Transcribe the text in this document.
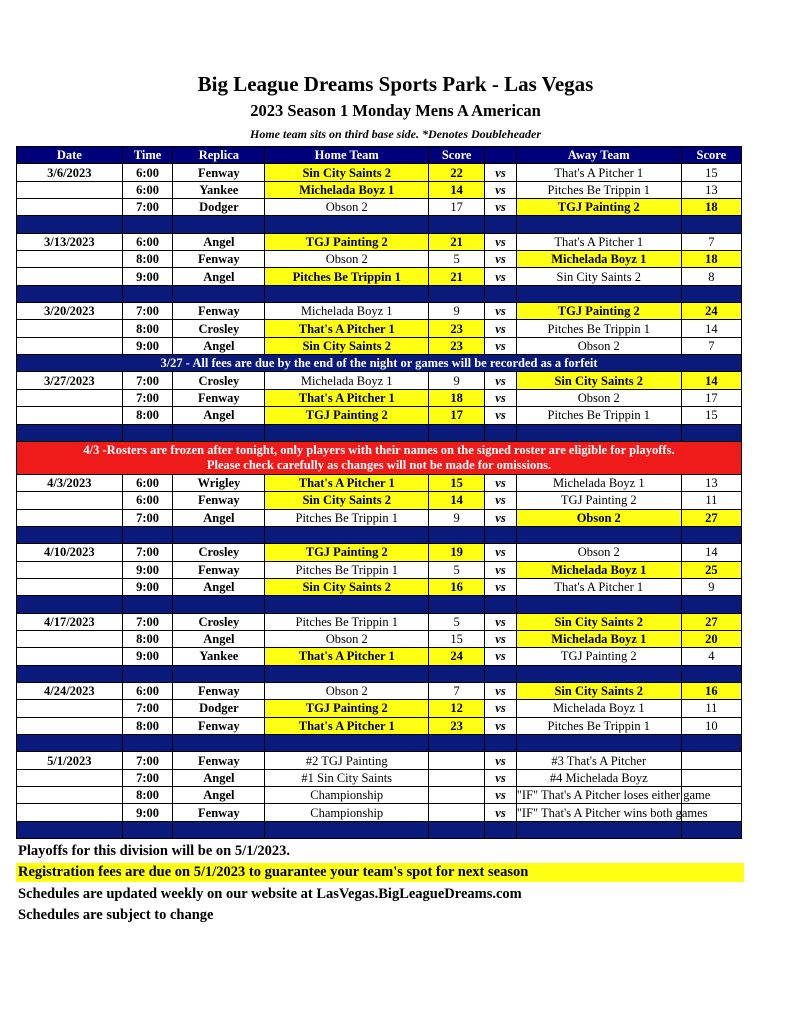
Big League Dreams Sports Park - Las Vegas
2023 Season 1 Monday Mens A American
Home team sits on third base side. *Denotes Doubleheader
Date	Time	Replica	Home Team	Score		Away Team	Score
3/6/2023	6:00	Fenway	Sin City Saints 2	22	vs	That's A Pitcher 1	15
	6:00	Yankee	Michelada Boyz 1	14	vs	Pitches Be Trippin 1	13
	7:00	Dodger	Obson 2	17	vs	TGJ Painting 2	18

3/13/2023	6:00	Angel	TGJ Painting 2	21	vs	That's A Pitcher 1	7
	8:00	Fenway	Obson 2	5	vs	Michelada Boyz 1	18
	9:00	Angel	Pitches Be Trippin 1	21	vs	Sin City Saints 2	8

3/20/2023	7:00	Fenway	Michelada Boyz 1	9	vs	TGJ Painting 2	24
	8:00	Crosley	That's A Pitcher 1	23	vs	Pitches Be Trippin 1	14
	9:00	Angel	Sin City Saints 2	23	vs	Obson 2	7

3/27 - All fees are due by the end of the night or games will be recorded as a forfeit							

3/27/2023	7:00	Crosley	Michelada Boyz 1	9	vs	Sin City Saints 2	14
	7:00	Fenway	That's A Pitcher 1	18	vs	Obson 2	17
	8:00	Angel	TGJ Painting 2	17	vs	Pitches Be Trippin 1	15

4/3 -Rosters are frozen after tonight, only players with their names on the signed roster are eligible for playoffs.
Please check carefully as changes will not be made for omissions.							

4/3/2023	6:00	Wrigley	That's A Pitcher 1	15	vs	Michelada Boyz 1	13
	6:00	Fenway	Sin City Saints 2	14	vs	TGJ Painting 2	11
	7:00	Angel	Pitches Be Trippin 1	9	vs	Obson 2	27

4/10/2023	7:00	Crosley	TGJ Painting 2	19	vs	Obson 2	14
	9:00	Fenway	Pitches Be Trippin 1	5	vs	Michelada Boyz 1	25
	9:00	Angel	Sin City Saints 2	16	vs	That's A Pitcher 1	9

4/17/2023	7:00	Crosley	Pitches Be Trippin 1	5	vs	Sin City Saints 2	27
	8:00	Angel	Obson 2	15	vs	Michelada Boyz 1	20
	9:00	Yankee	That's A Pitcher 1	24	vs	TGJ Painting 2	4

4/24/2023	6:00	Fenway	Obson 2	7	vs	Sin City Saints 2	16
	7:00	Dodger	TGJ Painting 2	12	vs	Michelada Boyz 1	11
	8:00	Fenway	That's A Pitcher 1	23	vs	Pitches Be Trippin 1	10

5/1/2023	7:00	Fenway	#2 TGJ Painting		vs	#3 That's A Pitcher	
	7:00	Angel	#1 Sin City Saints		vs	#4 Michelada Boyz	
	8:00	Angel	Championship		vs	"IF" That's A Pitcher loses either game	
	9:00	Fenway	Championship		vs	"IF" That's A Pitcher wins both games	

Playoffs for this division will be on 5/1/2023.
Registration fees are due on 5/1/2023 to guarantee your team's spot for next season
Schedules are updated weekly on our website at LasVegas.BigLeagueDreams.com
Schedules are subject to change
